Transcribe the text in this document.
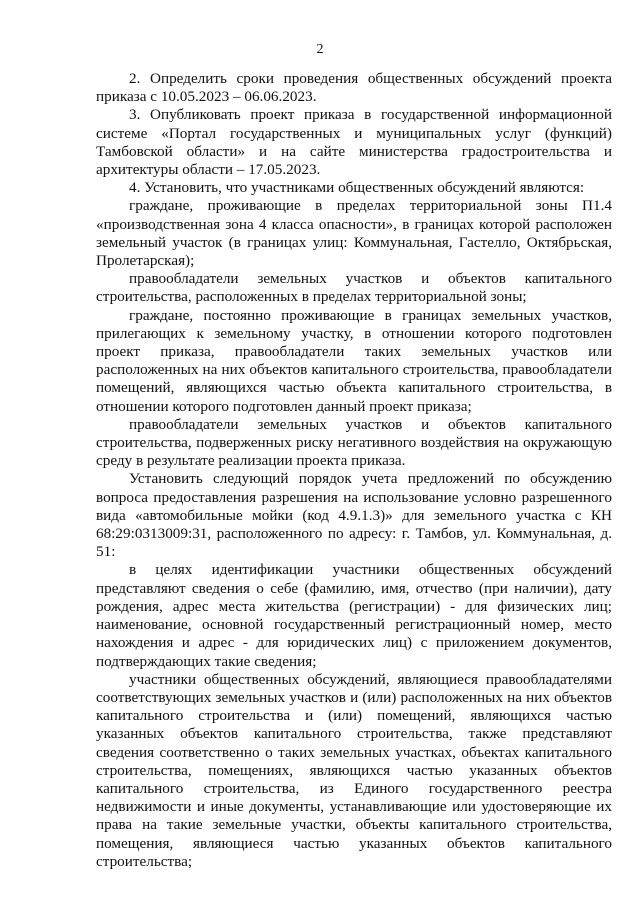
2

2. Определить сроки проведения общественных обсуждений проекта приказа с 10.05.2023 – 06.06.2023.

3. Опубликовать проект приказа в государственной информационной системе «Портал государственных и муниципальных услуг (функций) Тамбовской области» и на сайте министерства градостроительства и архитектуры области – 17.05.2023.

4. Установить, что участниками общественных обсуждений являются:

граждане, проживающие в пределах территориальной зоны П1.4 «производственная зона 4 класса опасности», в границах которой расположен земельный участок (в границах улиц: Коммунальная, Гастелло, Октябрьская, Пролетарская);

правообладатели земельных участков и объектов капитального строительства, расположенных в пределах территориальной зоны;

граждане, постоянно проживающие в границах земельных участков, прилегающих к земельному участку, в отношении которого подготовлен проект приказа, правообладатели таких земельных участков или расположенных на них объектов капитального строительства, правообладатели помещений, являющихся частью объекта капитального строительства, в отношении которого подготовлен данный проект приказа;

правообладатели земельных участков и объектов капитального строительства, подверженных риску негативного воздействия на окружающую среду в результате реализации проекта приказа.

Установить следующий порядок учета предложений по обсуждению вопроса предоставления разрешения на использование условно разрешенного вида «автомобильные мойки (код 4.9.1.3)» для земельного участка с КН 68:29:0313009:31, расположенного по адресу: г. Тамбов, ул. Коммунальная, д. 51:

в целях идентификации участники общественных обсуждений представляют сведения о себе (фамилию, имя, отчество (при наличии), дату рождения, адрес места жительства (регистрации) - для физических лиц; наименование, основной государственный регистрационный номер, место нахождения и адрес - для юридических лиц) с приложением документов, подтверждающих такие сведения;

участники общественных обсуждений, являющиеся правообладателями соответствующих земельных участков и (или) расположенных на них объектов капитального строительства и (или) помещений, являющихся частью указанных объектов капитального строительства, также представляют сведения соответственно о таких земельных участках, объектах капитального строительства, помещениях, являющихся частью указанных объектов капитального строительства, из Единого государственного реестра недвижимости и иные документы, устанавливающие или удостоверяющие их права на такие земельные участки, объекты капитального строительства, помещения, являющиеся частью указанных объектов капитального строительства;
